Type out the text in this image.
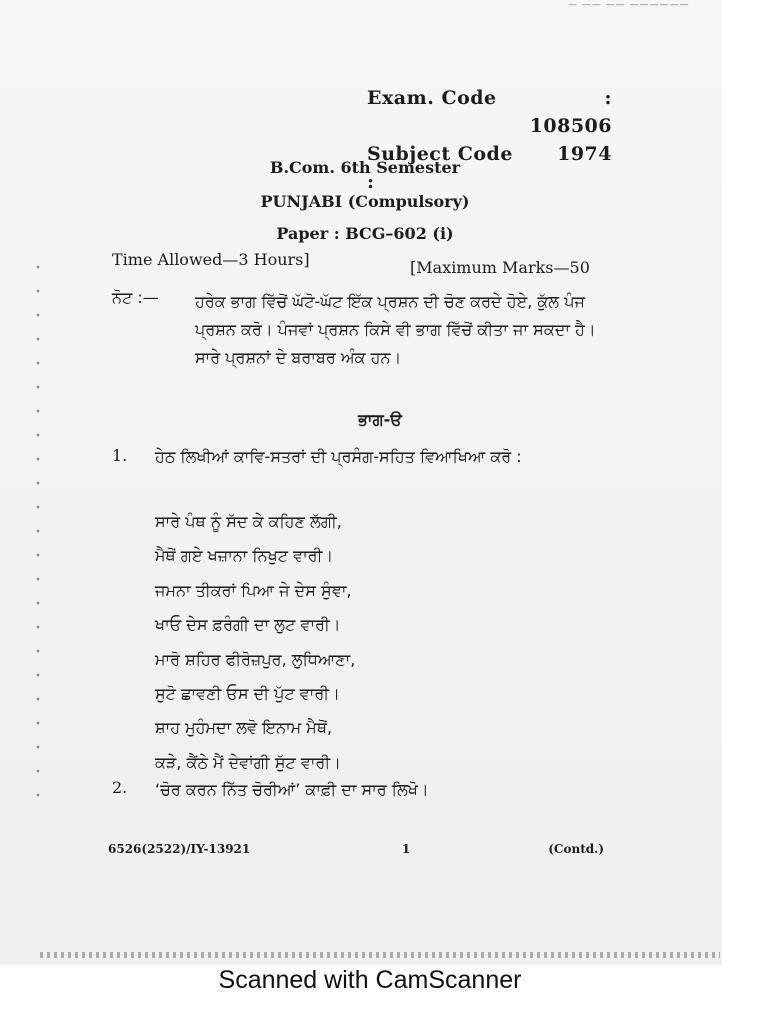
— —— —— ——————
Exam. Code	: 108506
Subject Code :
1974
B.Com. 6th Semester
PUNJABI (Compulsory)
Paper : BCG–602 (i)
Time Allowed—3 Hours]	[Maximum Marks—50
ਨੋਟ :— ਹਰੇਕ ਭਾਗ ਵਿੱਚੋਂ ਘੱਟੋ-ਘੱਟ ਇੱਕ ਪ੍ਰਸ਼ਨ ਦੀ ਚੋਣ ਕਰਦੇ ਹੋਏ, ਕੁੱਲ ਪੰਜ ਪ੍ਰਸ਼ਨ ਕਰੋ। ਪੰਜਵਾਂ ਪ੍ਰਸ਼ਨ ਕਿਸੇ ਵੀ ਭਾਗ ਵਿੱਚੋਂ ਕੀਤਾ ਜਾ ਸਕਦਾ ਹੈ। ਸਾਰੇ ਪ੍ਰਸ਼ਨਾਂ ਦੇ ਬਰਾਬਰ ਅੰਕ ਹਨ।
ਭਾਗ-ੳ
1. ਹੇਠ ਲਿਖੀਆਂ ਕਾਵਿ-ਸਤਰਾਂ ਦੀ ਪ੍ਰਸੰਗ-ਸਹਿਤ ਵਿਆਖਿਆ ਕਰੋ :
ਸਾਰੇ ਪੰਥ ਨੂੰ ਸੱਦ ਕੇ ਕਹਿਣ ਲੱਗੀ,
ਮੈਥੋਂ ਗਏ ਖਜ਼ਾਨਾ ਨਿਖੁਟ ਵਾਰੀ।
ਜਮਨਾ ਤੀਕਰਾਂ ਪਿਆ ਜੇ ਦੇਸ ਸੁੰਞਾ,
ਖਾਓ ਦੇਸ ਫ਼ਰੰਗੀ ਦਾ ਲੁਟ ਵਾਰੀ।
ਮਾਰੋ ਸ਼ਹਿਰ ਫੀਰੋਜ਼ਪੁਰ, ਲੁਧਿਆਣਾ,
ਸੁਟੋ ਛਾਵਣੀ ਓਸ ਦੀ ਪੁੱਟ ਵਾਰੀ।
ਸ਼ਾਹ ਮੁਹੰਮਦਾ ਲਵੋ ਇਨਾਮ ਮੈਥੋਂ,
ਕੜੇ, ਕੈਂਠੇ ਮੈਂ ਦੇਵਾਂਗੀ ਸੁੱਟ ਵਾਰੀ।
2. ‘ਚੋਰ ਕਰਨ ਨਿੱਤ ਚੋਰੀਆਂ’ ਕਾਫ਼ੀ ਦਾ ਸਾਰ ਲਿਖੋ।
6526(2522)/IY-13921	1	(Contd.)
Scanned with CamScanner
